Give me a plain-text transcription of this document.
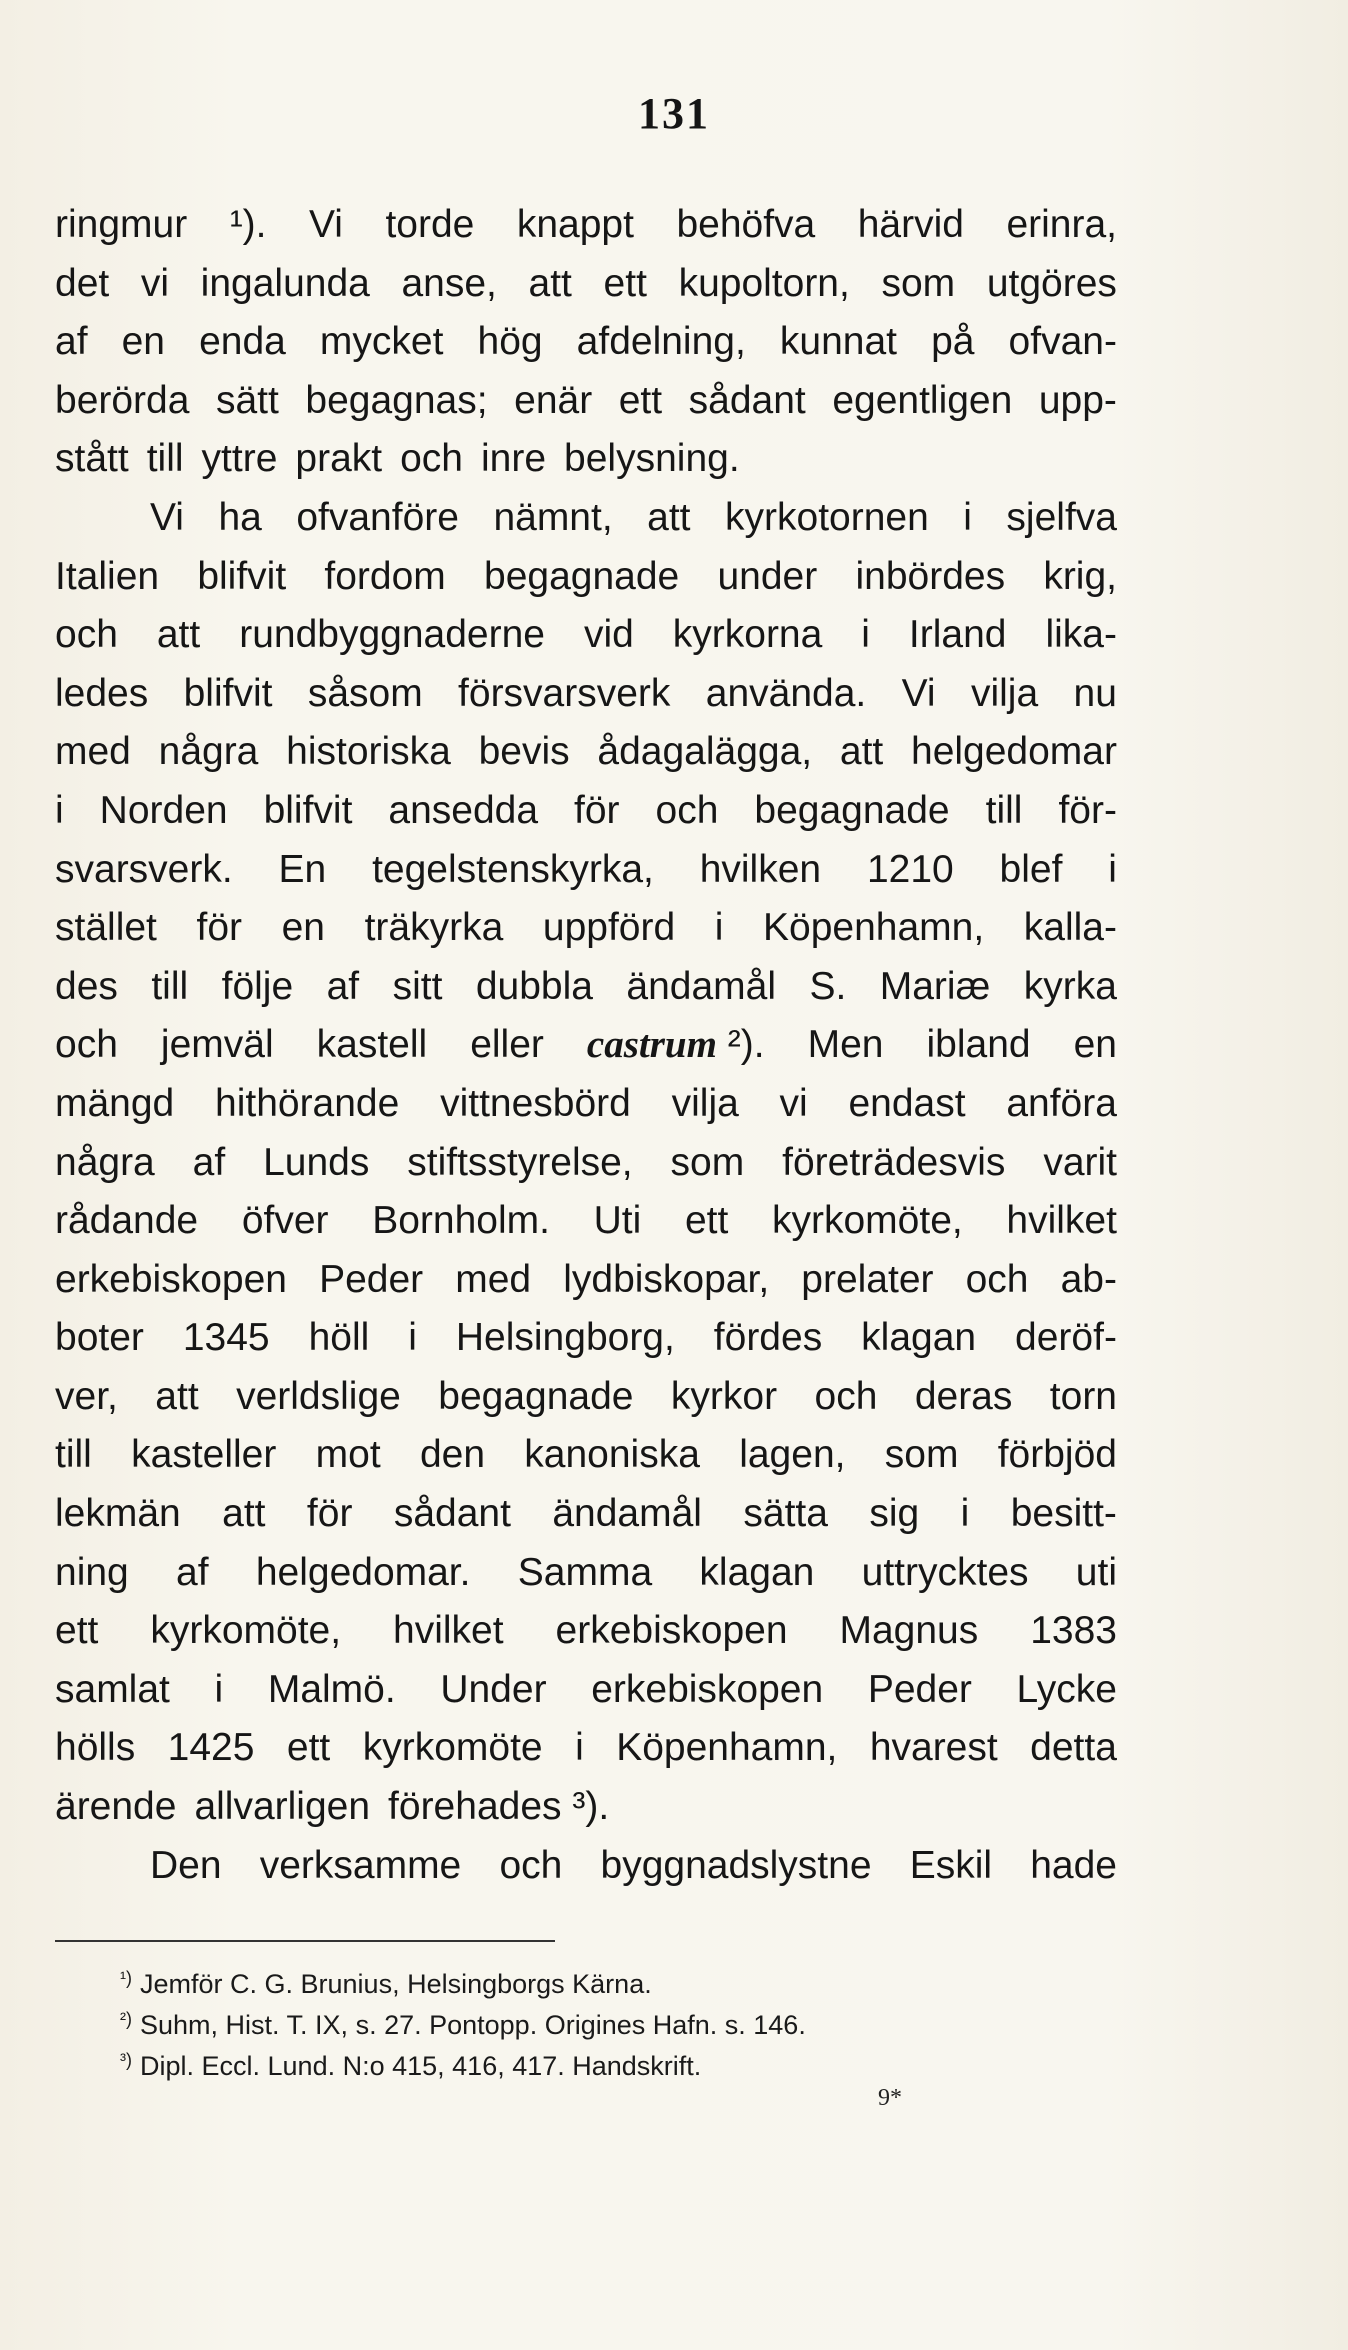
131
ringmur ¹). Vi torde knappt behöfva härvid erinra,
det vi ingalunda anse, att ett kupoltorn, som utgöres
af en enda mycket hög afdelning, kunnat på ofvan-
berörda sätt begagnas; enär ett sådant egentligen upp-
stått till yttre prakt och inre belysning.
Vi ha ofvanföre nämnt, att kyrkotornen i sjelfva
Italien blifvit fordom begagnade under inbördes krig,
och att rundbyggnaderne vid kyrkorna i Irland lika-
ledes blifvit såsom försvarsverk använda. Vi vilja nu
med några historiska bevis ådagalägga, att helgedomar
i Norden blifvit ansedda för och begagnade till för-
svarsverk. En tegelstenskyrka, hvilken 1210 blef i
stället för en träkyrka uppförd i Köpenhamn, kalla-
des till följe af sitt dubbla ändamål S. Mariæ kyrka
och jemväl kastell eller castrum ²). Men ibland en
mängd hithörande vittnesbörd vilja vi endast anföra
några af Lunds stiftsstyrelse, som företrädesvis varit
rådande öfver Bornholm. Uti ett kyrkomöte, hvilket
erkebiskopen Peder med lydbiskopar, prelater och ab-
boter 1345 höll i Helsingborg, fördes klagan deröf-
ver, att verldslige begagnade kyrkor och deras torn
till kasteller mot den kanoniska lagen, som förbjöd
lekmän att för sådant ändamål sätta sig i besitt-
ning af helgedomar. Samma klagan uttrycktes uti
ett kyrkomöte, hvilket erkebiskopen Magnus 1383
samlat i Malmö. Under erkebiskopen Peder Lycke
hölls 1425 ett kyrkomöte i Köpenhamn, hvarest detta
ärende allvarligen förehades ³).
Den verksamme och byggnadslystne Eskil hade
$^{^1)}$ Jemför C. G. Brunius, Helsingborgs Kärna.
$^{^2)}$ Suhm, Hist. T. IX, s. 27. Pontopp. Origines Hafn. s. 146.
$^{^3)}$ Dipl. Eccl. Lund. N:o 415, 416, 417. Handskrift.
9*
